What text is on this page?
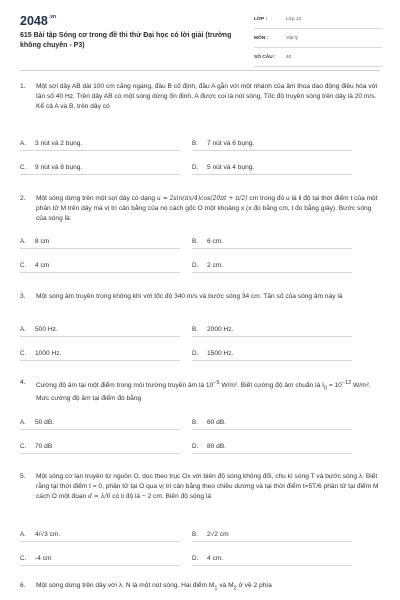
$2048^{.vn}$
615 Bài tập Sóng cơ trong đề thi thử Đại học có lời giải (trường không chuyên - P3)
LỚP :	Lớp 12
MÔN :	Vật lý
SỐ CÂU : 40
1.	Một sợi dây AB dài 100 cm căng ngang, đầu B cố định, đầu A gắn với một nhánh của âm thoa dao động điều hòa với tần số 40 Hz. Trên dây AB có một sóng dừng ổn định, A được coi là nút sóng. Tốc độ truyền sóng trên dây là 20 m/s. Kể cả A và B, trên dây có
A. 3 nút và 2 bụng.	B. 7 nút và 6 bụng.
C. 9 nút và 8 bụng.	D. 5 nút và 4 bụng.
2.	Một sóng dừng trên một sợi dây có dạng u = 2sin(πx/4)cos(20πt + π/2) cm trong đó u là li độ tại thời điểm t của một phần tử M trên dây mà vị trí cân bằng của nó cách gốc O một khoảng x (x đo bằng cm, t đo bằng giây). Bước sóng của sóng là:
A. 8 cm	B. 6 cm.
C. 4 cm	D. 2 cm.
3.	Một sóng âm truyền trong không khí với tốc độ 340 m/s và bước sóng 34 cm. Tần số của sóng âm này là
A. 500 Hz.	B. 2000 Hz.
C. 1000 Hz.	D. 1500 Hz.
4.	Cường độ âm tại một điểm trong môi trường truyền âm là $10^{-5}$ W/m². Biết cường độ âm chuẩn là $I_0 = 10^{-12}$ W/m². Mức cường độ âm tại điểm đó bằng
A. 50 dB.	B. 60 dB.
C. 70 dB	D. 80 dB.
5.	Một sóng cơ lan truyền từ nguồn O, dọc theo trục Ox với biên độ sóng không đổi, chu kì sóng T và bước sóng λ. Biết rằng tại thời điểm t = 0, phần tử tại O qua vị trí cân bằng theo chiều dương và tại thời điểm t=5T/6 phần tử tại điểm M cách O một đoạn d = λ/6 có li độ là − 2 cm. Biên độ sóng là
A. 4/√3 cm.	B. 2√2 cm
C. -4 cm	D. 4 cm.
6.	Một sóng dừng trên dây với λ. N là một nút sóng. Hai điểm $M_1$ và $M_2$ ở về 2 phía
